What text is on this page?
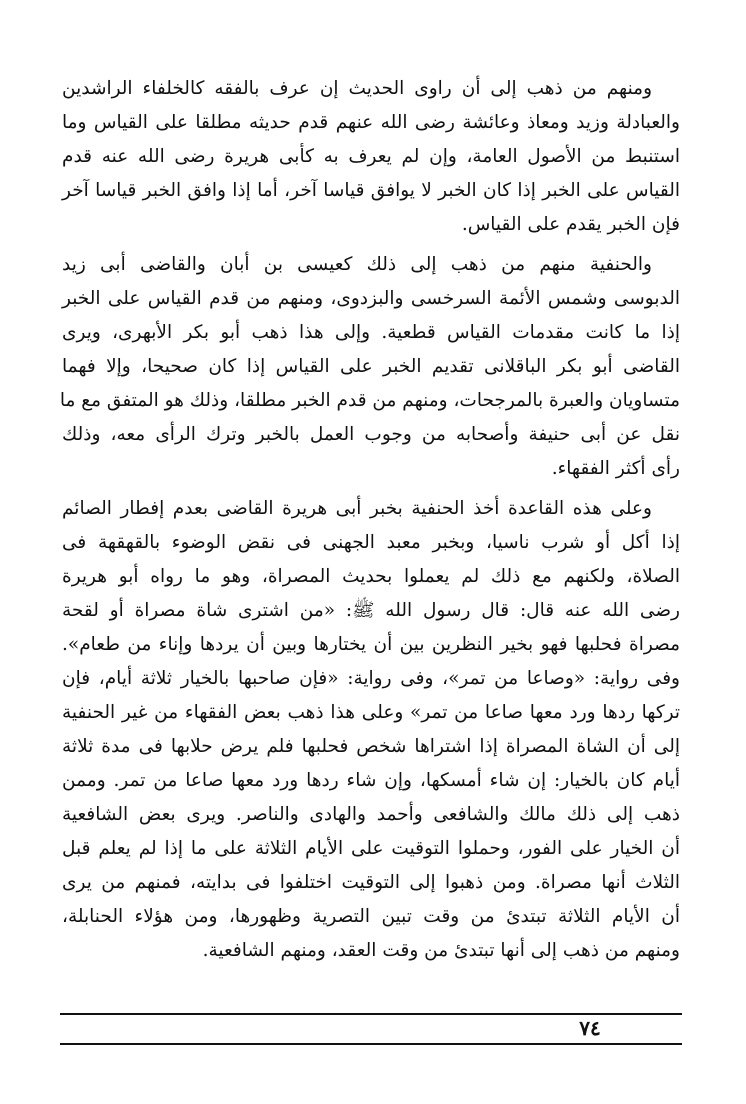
ومنهم من ذهب إلى أن راوى الحديث إن عرف بالفقه كالخلفاء الراشدين
والعبادلة وزيد ومعاذ وعائشة رضى الله عنهم قدم حديثه مطلقا على القياس وما
استنبط من الأصول العامة، وإن لم يعرف به كأبى هريرة رضى الله عنه قدم
القياس على الخبر إذا كان الخبر لا يوافق قياسا آخر، أما إذا وافق الخبر قياسا آخر
فإن الخبر يقدم على القياس.
والحنفية منهم من ذهب إلى ذلك كعيسى بن أبان والقاضى أبى زيد
الدبوسى وشمس الأئمة السرخسى والبزدوى، ومنهم من قدم القياس على الخبر
إذا ما كانت مقدمات القياس قطعية. وإلى هذا ذهب أبو بكر الأبهرى، ويرى
القاضى أبو بكر الباقلانى تقديم الخبر على القياس إذا كان صحيحا، وإلا فهما
متساويان والعبرة بالمرجحات، ومنهم من قدم الخبر مطلقا، وذلك هو المتفق مع ما
نقل عن أبى حنيفة وأصحابه من وجوب العمل بالخبر وترك الرأى معه، وذلك
رأى أكثر الفقهاء.
وعلى هذه القاعدة أخذ الحنفية بخبر أبى هريرة القاضى بعدم إفطار الصائم
إذا أكل أو شرب ناسيا، وبخبر معبد الجهنى فى نقض الوضوء بالقهقهة فى
الصلاة، ولكنهم مع ذلك لم يعملوا بحديث المصراة، وهو ما رواه أبو هريرة
رضى الله عنه قال: قال رسول الله ﷺ: «من اشترى شاة مصراة أو لقحة
مصراة فحلبها فهو بخير النظرين بين أن يختارها وبين أن يردها وإناء من طعام».
وفى رواية: «وصاعا من تمر»، وفى رواية: «فإن صاحبها بالخيار ثلاثة أيام، فإن
تركها ردها ورد معها صاعا من تمر» وعلى هذا ذهب بعض الفقهاء من غير الحنفية
إلى أن الشاة المصراة إذا اشتراها شخص فحلبها فلم يرض حلابها فى مدة ثلاثة
أيام كان بالخيار: إن شاء أمسكها، وإن شاء ردها ورد معها صاعا من تمر. وممن
ذهب إلى ذلك مالك والشافعى وأحمد والهادى والناصر. ويرى بعض الشافعية
أن الخيار على الفور، وحملوا التوقيت على الأيام الثلاثة على ما إذا لم يعلم قبل
الثلاث أنها مصراة. ومن ذهبوا إلى التوقيت اختلفوا فى بدايته، فمنهم من يرى
أن الأيام الثلاثة تبتدئ من وقت تبين التصرية وظهورها، ومن هؤلاء الحنابلة،
ومنهم من ذهب إلى أنها تبتدئ من وقت العقد، ومنهم الشافعية.
٧٤
